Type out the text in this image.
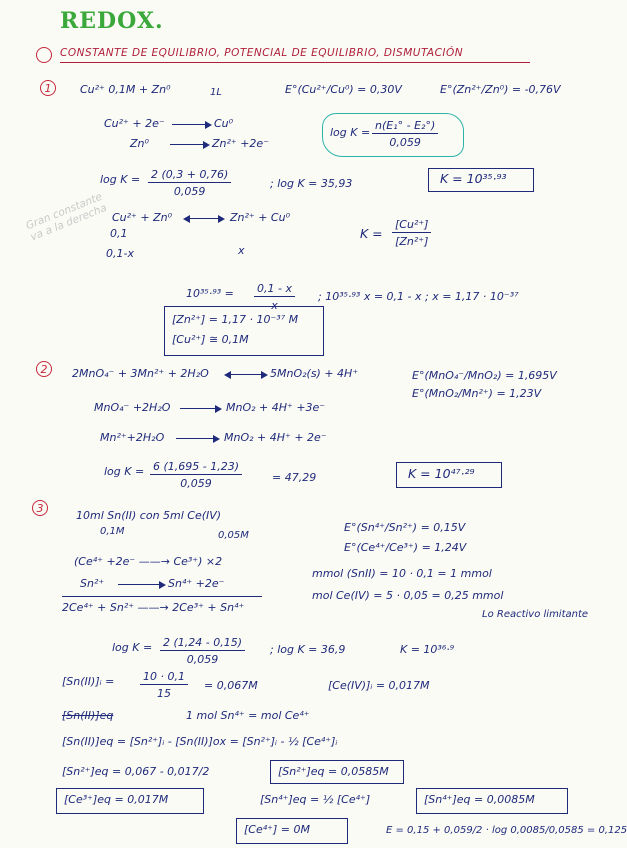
REDOX.
CONSTANTE DE EQUILIBRIO, POTENCIAL DE EQUILIBRIO, DISMUTACIÓN
1	Cu²⁺ 0,1M + Zn⁰	1L	E°(Cu²⁺/Cu⁰) = 0,30V	E°(Zn²⁺/Zn⁰) = -0,76V
Cu²⁺ + 2e⁻	Cu⁰
Zn⁰	Zn²⁺ +2e⁻
$\log K = \frac{\text{n(E₁° - E₂°)}}{0,059}$
$\log K = \frac{2 (0,3 + 0,76)}{0,059}$	; log K = 35,93	K = 10³⁵·⁹³
Gran constante
va a la derecha Cu²⁺ + Zn⁰	Zn²⁺ + Cu⁰
0,1
0,1-x	x
$K = \frac{\text{[Cu²⁺]}}{\text{[Zn²⁺]}}$
$10^{35}\cdot^{93} = \frac{0,1 - x}{x}$ ; 10³⁵·⁹³ x = 0,1 - x ; x = 1,17 · 10⁻³⁷
[Zn²⁺] = 1,17 · 10⁻³⁷ M
[Cu²⁺] ≅ 0,1M
2 2MnO₄⁻ + 3Mn²⁺ + 2H₂O	5MnO₂(s) + 4H⁺	E°(MnO₄⁻/MnO₂) = 1,695V
E°(MnO₂/Mn²⁺) = 1,23V
MnO₄⁻ +2H₂O	MnO₂ + 4H⁺ +3e⁻
Mn²⁺+2H₂O	MnO₂ + 4H⁺ + 2e⁻
$\log K = \frac{6 (1,695 - 1,23)}{0,059}$	= 47,29	K = 10⁴⁷·²⁹
3
10ml Sn(II) con 5ml Ce(IV)
0,1M	0,05M
E°(Sn⁴⁺/Sn²⁺) = 0,15V
E°(Ce⁴⁺/Ce³⁺) = 1,24V
(Ce⁴⁺ +2e⁻ ——→ Ce³⁺) ×2
Sn²⁺	Sn⁴⁺ +2e⁻
2Ce⁴⁺ + Sn²⁺ ——→ 2Ce³⁺ + Sn⁴⁺
mmol (SnII) = 10 · 0,1 = 1 mmol
mol Ce(IV) = 5 · 0,05 = 0,25 mmol
Lo Reactivo limitante
$\log K = \frac{2 (1,24 - 0,15)}{0,059}$ ; log K = 36,9	K = 10³⁶·⁹
[Sn(II)]ᵢ = $\frac{10 \cdot 0,1}{15} = 0,067M$	[Ce(IV)]ᵢ = 0,017M
[Sn(II)]eq	1 mol Sn⁴⁺ = mol Ce⁴⁺
[Sn(II)]eq = [Sn²⁺]ᵢ - [Sn(II)]ox = [Sn²⁺]ᵢ - ½ [Ce⁴⁺]ᵢ
[Sn²⁺]eq = 0,067 - 0,017/2	[Sn²⁺]eq = 0,0585M
[Ce³⁺]eq = 0,017M	[Sn⁴⁺]eq = ½ [Ce⁴⁺]	[Sn⁴⁺]eq = 0,0085M
[Ce⁴⁺] = 0M	E = 0,15 + 0,059/2 · log 0,0085/0,0585 = 0,125
